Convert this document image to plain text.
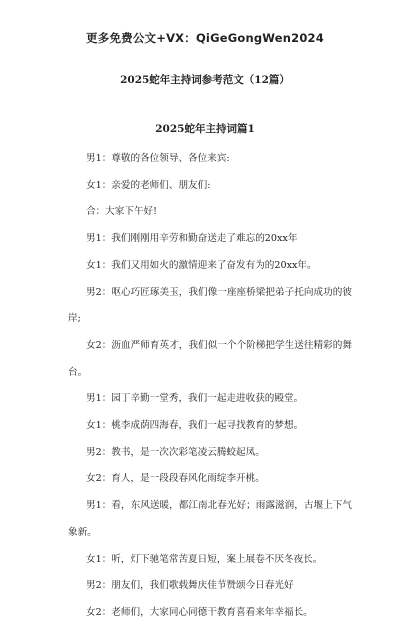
更多免费公文+VX：QiGeGongWen2024
2025蛇年主持词参考范文（12篇）
2025蛇年主持词篇1

男1：尊敬的各位领导、各位来宾:

女1：亲爱的老师们、朋友们:

合：大家下午好!

男1：我们刚刚用辛劳和勤奋送走了难忘的20xx年

女1：我们又用如火的激情迎来了奋发有为的20xx年。

男2：呕心巧匠琢美玉，我们像一座座桥梁把弟子托向成功的彼岸;

女2：沥血严师育英才，我们似一个个阶梯把学生送往精彩的舞台。

男1：园丁辛勤一堂秀，我们一起走进收获的殿堂。

女1：桃李成荫四海春，我们一起寻找教育的梦想。

男2：教书，是一次次彩笔凌云腾蛟起凤。

女2：育人，是一段段春风化雨绽李开桃。

男1：看，东风送暖，都江南北春光好；雨露滋润，古堰上下气象新。

女1：听，灯下驰笔常苦夏日短，案上展卷不厌冬夜长。

男2：朋友们，我们歌载舞庆佳节赞颂今日春光好

女2：老师们，大家同心同德干教育喜看来年幸福长。
